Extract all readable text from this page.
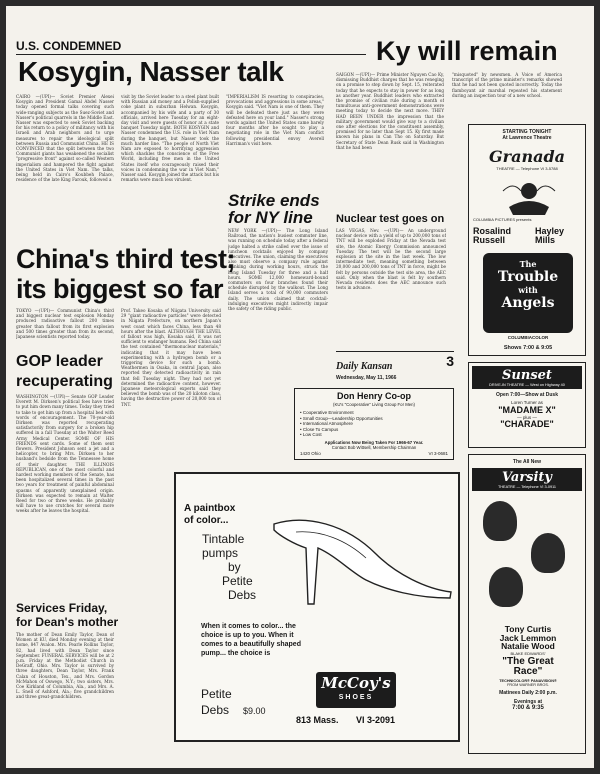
U.S. CONDEMNED
Kosygin, Nasser talk
CAIRO —(UPI)— Soviet Premier Alexei Kosygin and President Gamal Abdel Nasser today opened formal talks covering such wide-ranging subjects as the Suez-Soviet and Nasser's political quarrels in the Middle East. Nasser was expected to seek Soviet backing for his return to a policy of militancy with his Israeli and Arab neighbors and to urge measures to repair the ideological split between Russia and Communist China. HE IS CONVINCED that the split between the two Communist giants has weakened the socialist "progressive front" against so-called Western imperialism and hampered the fight against the United States in Viet Nam. The talks, being held in Cairo's Koubbeh Palace, residence of the late King Farouk, followed a
visit by the Soviet leader to a steel plant built with Russian aid money and a Polish-supplied coke plant in suburban Helwan. Kosygin, accompanied by his wife and a party of 30 officials, arrived here Tuesday for an eight-day visit and were guests of honor at a state banquet Tuesday night. BOTH KOSYGIN and Nasser condemned the U.S. role in Viet Nam during the banquet, but Nasser took the much harder line. "The people of North Viet Nam are exposed to horrifying aggression which shackles the conscience of the Free World, including free men in the United States itself who courageously raised their voices in condemning the war in Viet Nam," Nasser said. Kosygin joined the attack but his remarks were much less virulent.
"IMPERIALISM IS resorting to conspiracies, provocations and aggressions in some areas," Kosygin said. "Viet Nam is one of them. They will be defeated there just as they were defeated here on your land." Nasser's strong words against the United States came barely four months after he sought to play a negotiating role in the Viet Nam conflict following presidential envoy Averell Harriman's visit here.
Ky will remain
SAIGON —(UPI)— Prime Minister Nguyen Cao Ky, dismissing Buddhist charges that he was reneging on a promise to step down by Sept. 15, reiterated today that he expects to stay in power for as long as another year. Buddhist leaders who extracted the promise of civilian rule during a month of tumultuous anti-government demonstrations were meeting today to decide the next move. THEY HAD BEEN UNDER the impression that the military government would give way to a civilian one after elections for the constituent assembly, promised for no later than Sept 15. Ky first made known his plans in Can Tho on Saturday. But Secretary of State Dean Rusk said in Washington that he had been
"misquoted" by newsmen. A Voice of America transcript of the prime minister's remarks showed that he had not been quoted incorrectly. Today the flamboyant air marshal repeated his statement during an inspection tour of a new school.
Strike ends for NY line
NEW YORK —(UPI)— The Long Island Railroad, the nation's busiest commuter line, was running on schedule today after a federal judge halted a strike called over the issue of luncheon cocktails enjoyed by company executives. The union, claiming the executives also must observe a company rule against drinking during working hours, struck the Long Island Tuesday for three and a half hours. SOME 12,000 homeward-bound commuters on four branches found their schedule disrupted by the walkout. The Long Island serves a total of 90,000 commuters daily. The union claimed that cocktail-indulging executives might indirectly impair the safety of the riding public.
Nuclear test goes on
LAS VEGAS, Nev. —(UPI)— An underground nuclear device with a yield of up to 200,000 tons of TNT will be exploded Friday at the Nevada test site, the Atomic Energy Commission announced Tuesday. The test will be the second large explosion at the site in the last week. The low intermediate test, meaning something between 20,000 and 200,000 tons of TNT in force, might be felt by persons outside the test site area, the AEC said. Only when the blast is felt by southern Nevada residents does the AEC announce such tests in advance.
Daily Kansan	3
Wednesday, May 11, 1966
China's third test;
its biggest so far
TOKYO —(UPI)— Communist China's third and biggest nuclear test explosion Monday produced radioactive fallout 200 times greater than fallout from its first explosion and 500 times greater than from its second, Japanese scientists reported today.
Prof. Takeo Kosaka of Niigata University said 29 "giant radioactive particles" were detected in Niigata Prefecture, on northern Japan's west coast which faces China, less than 48 hours after the blast. ALTHOUGH THE LEVEL of fallout was high, Kosaka said, it was not sufficient to endanger humans. Red China said the test contained "thermonuclear materials," indicating that it may have been experimenting with a hydrogen bomb or a triggering device for such a bomb. Weathermen in Osaka, in central Japan, also reported they detected radioactivity in rain that fell Tuesday night. They had not yet determined the radioactive content, however. Japanese meteorological experts said they believed the bomb was of the 20 kiloton class, having the destructive power of 20,000 ton of TNT.
GOP leader
recuperating
WASHINGTON —(UPI)— Senate GOP Leader Everett M. Dirksen's political foes have tried to put him down many times. Today they tried to take to get him up from a hospital bed with words of encouragement. The 70-year-old Dirksen was reported recuperating satisfactorily from surgery for a broken hip suffered in a fall Tuesday at the Walter Reed Army Medical Center. SOME OF HIS FRIENDS sent cards. Some of them sent flowers. President Johnson sent a jet and a helicopter, to bring Mrs. Dirksen to her husband's bedside from the Tennessee home of their daughter. THE ILLINOIS REPUBLICAN, one of the most colorful and hardest working members of the Senate, has been hospitalized several times in the past two years for treatment of painful abdominal spasms of apparently unexplained origin. Dirksen was expected to remain at Walter Reed for two or three weeks. He probably will have to use crutches for several more weeks after he leaves the hospital.
Services Friday,
for Dean's mother
The mother of Dean Emily Taylor, Dean of Women at KU, died Monday evening at their home, 847 Avalon. Mrs. Pearle Rollins Taylor, 82, had lived with Dean Taylor since September. FUNERAL SERVICES will be at 2 p.m. Friday at the Methodist Church in DeGraff, Ohio. Mrs. Taylor is survived by three daughters, Dean Taylor, Mrs. Frank Calan of Houston, Tex., and Mrs. Gordon McMahon of Oswego, N.Y.; two sisters, Mrs. Coe Kirkland of Columbia, Ala., and Mrs. A. L. Snell of Ashford, Ala.; five grandchildren and three great-grandchildren.
Don Henry Co-op
(KU's "Cooperative" Living Group For Men)
• Cooperative Environment
• Small Group—Leadership Opportunities
• International Atmosphere
• Close To Campus
• Low Cost
Applications Now Being Taken For 1966-67 Year.
Contact Bob Wittsell, Membership Chairman
1420 Ohio	VI 3-0681
A paintbox
of color...
Tintable
pumps
by
Petite
Debs
When it comes to color... the choice is up to you. When it comes to a beautifully shaped pump... the choice is
Petite
Debs $9.00
McCoy's
SHOES
813 Mass. VI 3-2091
STARTING TONIGHT
At Lawrence Theatre
Granada
THEATRE — Telephone VI 3-5788
COLUMBIA PICTURES presents
Rosalind
Russell
Hayley
Mills
The
Trouble
with
Angels
COLUMBIACOLOR
Shows 7:00 & 9:05
Sunset
DRIVE-IN THEATRE — West on Highway 40
Open 7:00—Show at Dusk
Loren Turner as
"MADAME X"
— plus —
"CHARADE"
The All New
Varsity
THEATRE — Telephone VI 3-0911
Tony Curtis
Jack Lemmon
Natalie Wood
BLAKE EDWARDS'
"The Great
Race"
TECHNICOLOR® PANAVISION®
FROM WARNER BROS.
Matinees Daily 2:00 p.m.
Evenings at
7:00 & 9:35
